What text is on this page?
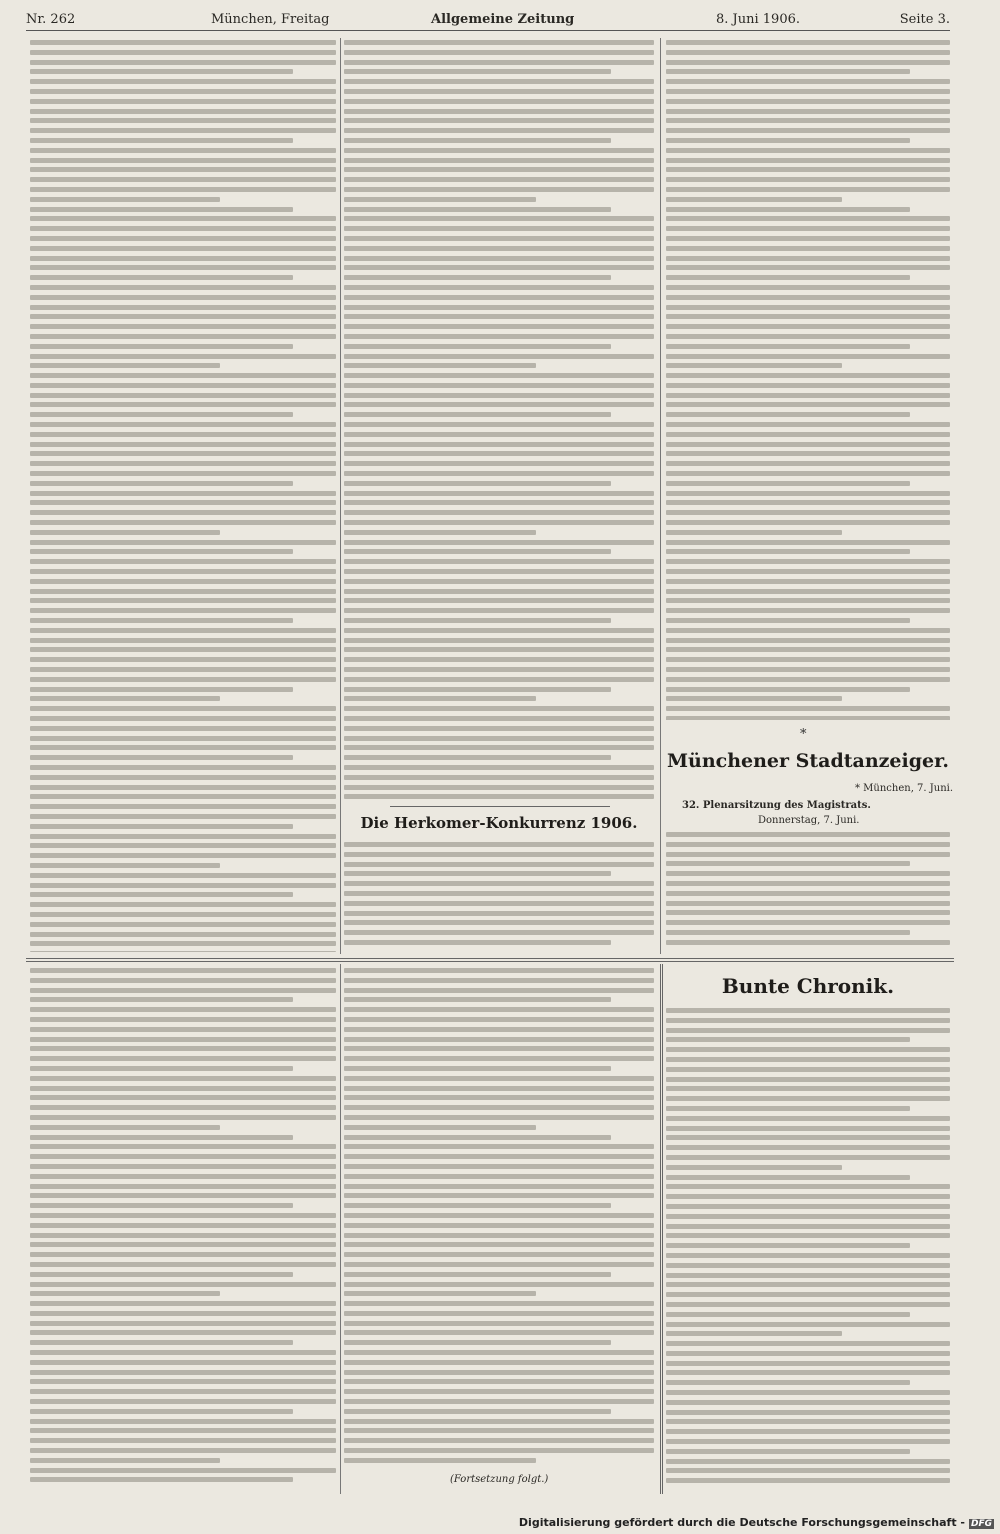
Nr. 262	München, Freitag	Allgemeine Zeitung	8. Juni 1906.	Seite 3.
Die Herkomer-Konkurrenz 1906.
*
Münchener Stadtanzeiger.
* München, 7. Juni.
32. Plenarsitzung des Magistrats.
Donnerstag, 7. Juni.
(Fortsetzung folgt.)
Bunte Chronik.
Digitalisierung gefördert durch die Deutsche Forschungsgemeinschaft - DFG
